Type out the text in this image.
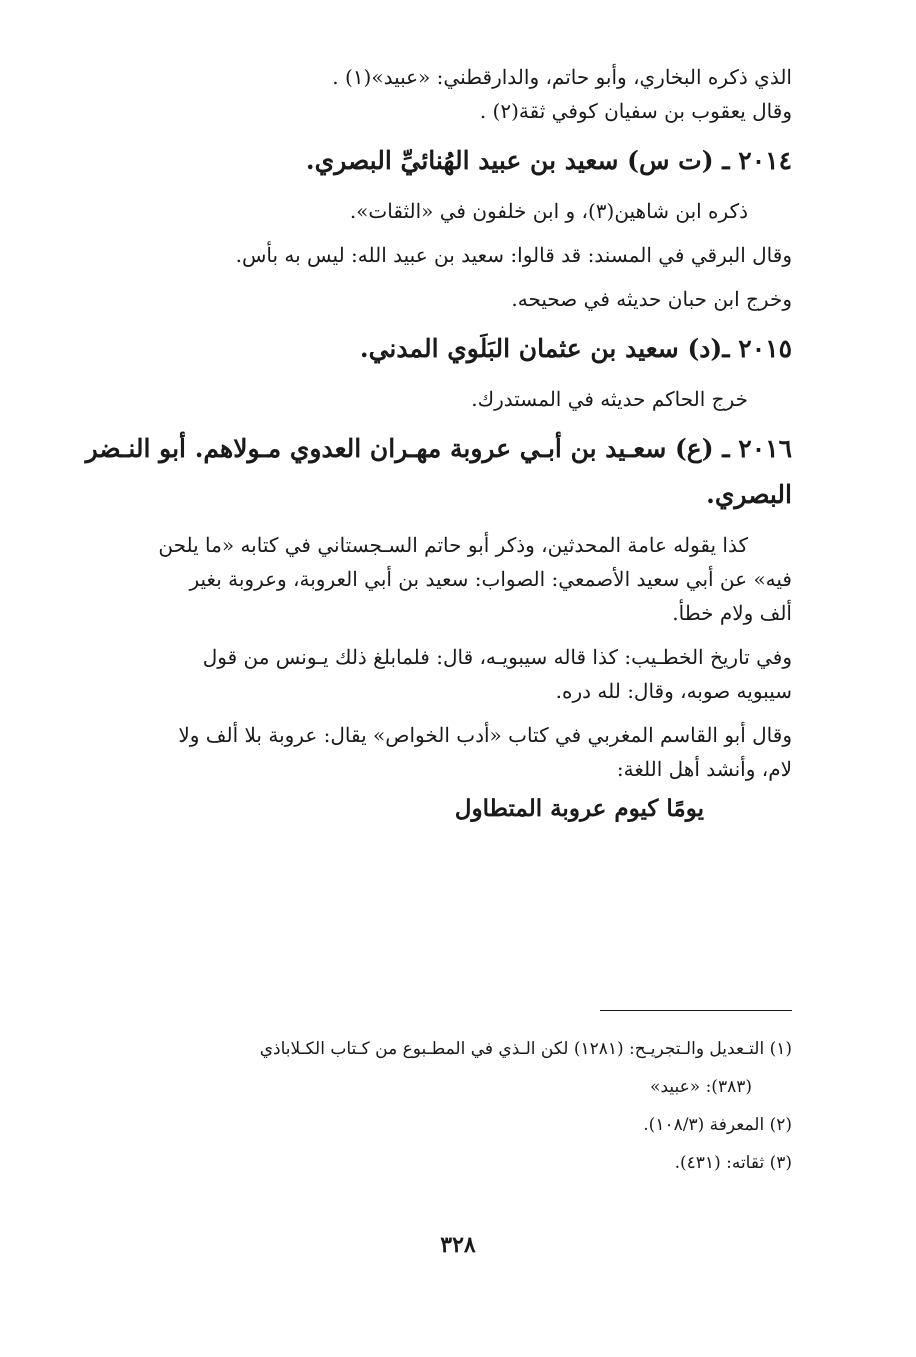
الذي ذكره البخاري، وأبو حاتم، والدارقطني: «عبيد»(١) .

وقال يعقوب بن سفيان كوفي ثقة(٢) .

٢٠١٤ ـ (ت س) سعيد بن عبيد الهُنائيِّ البصري.

ذكره ابن شاهين(٣)، و ابن خلفون في «الثقات».

وقال البرقي في المسند: قد قالوا: سعيد بن عبيد الله: ليس به بأس.

وخرج ابن حبان حديثه في صحيحه.

٢٠١٥ ـ(د) سعيد بن عثمان البَلَوي المدني.

خرج الحاكم حديثه في المستدرك.

٢٠١٦ ـ (ع) سعـيد بن أبـي عروبة مهـران العدوي مـولاهم. أبو النـضر
البصري.

كذا يقوله عامة المحدثين، وذكر أبو حاتم السـجستاني في كتابه «ما يلحن

فيه» عن أبي سعيد الأصمعي: الصواب: سعيد بن أبي العروبة، وعروبة بغير

ألف ولام خطأ.

وفي تاريخ الخطـيب: كذا قاله سيبويـه، قال: فلمابلغ ذلك يـونس من قول

سيبويه صوبه، وقال: لله دره.

وقال أبو القاسم المغربي في كتاب «أدب الخواص» يقال: عروبة بلا ألف ولا

لام، وأنشد أهل اللغة:

يومًا كيوم عروبة المتطاول
(١) التـعديل والـتجريـح: (١٢٨١) لكن الـذي في المطـبوع من كـتاب الكـلاباذي
(٣٨٣): «عبيد»
(٢) المعرفة (١٠٨/٣).
(٣) ثقاته: (٤٣١).
٣٢٨
